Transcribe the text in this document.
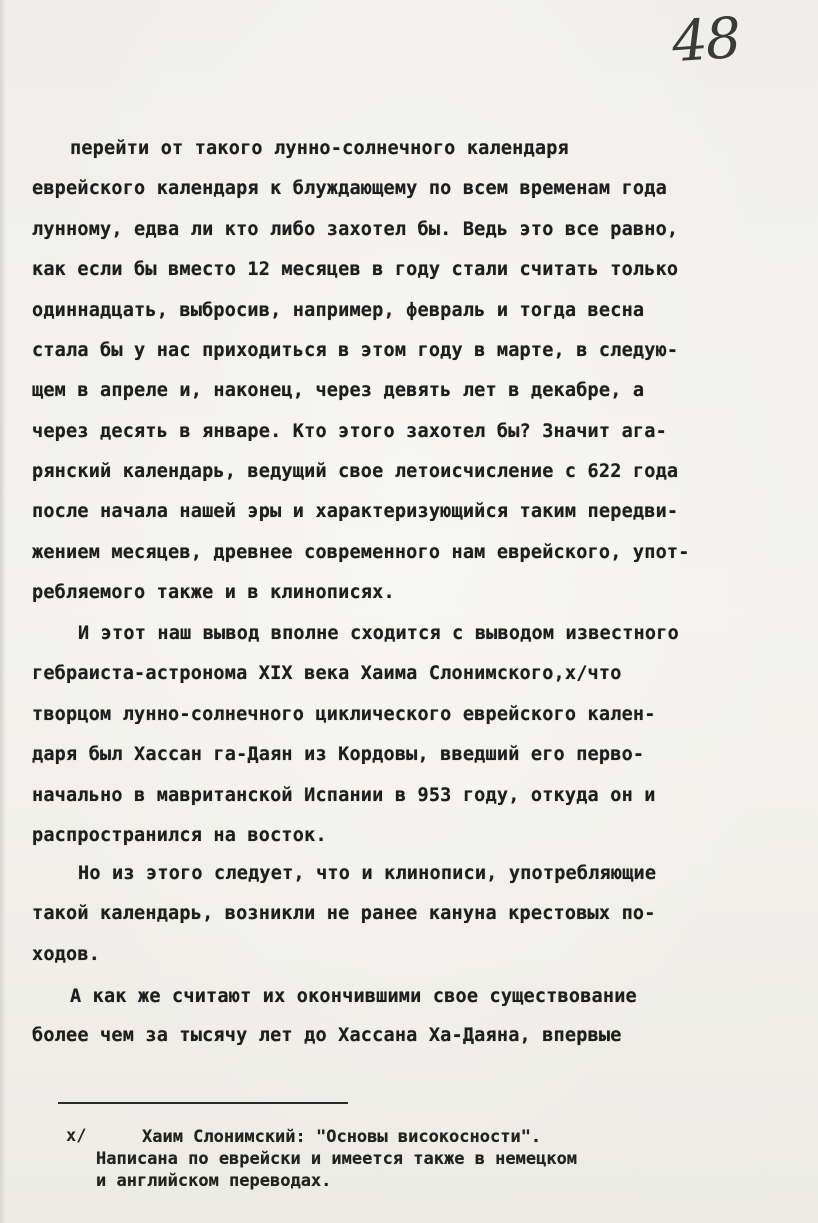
48
перейти от такого лунно-солнечного календаря
еврейского календаря к блуждающему по всем временам года
лунному, едва ли кто либо захотел бы. Ведь это все равно,
как если бы вместо 12 месяцев в году стали считать только
одиннадцать, выбросив, например, февраль и тогда весна
стала бы у нас приходиться в этом году в марте, в следую-
щем в апреле и, наконец, через девять лет в декабре, а
через десять в январе. Кто этого захотел бы? Значит ага-
рянский календарь, ведущий свое летоисчисление с 622 года
после начала нашей эры и характеризующийся таким передви-
жением месяцев, древнее современного нам еврейского, упот-
ребляемого также и в клинописях.
И этот наш вывод вполне сходится с выводом известного
гебраиста-астронома XIX века Хаима Слонимского,x/что
творцом лунно-солнечного циклического еврейского кален-
даря был Хассан га-Даян из Кордовы, введший его перво-
начально в мавританской Испании в 953 году, откуда он и
распространился на восток.
Но из этого следует, что и клинописи, употребляющие
такой календарь, возникли не ранее кануна крестовых по-
ходов.
А как же считают их окончившими свое существование
более чем за тысячу лет до Хассана Ха-Даяна, впервые
x/	Хаим Слонимский: "Основы високосности".
Написана по еврейски и имеется также в немецком
и английском переводах.
